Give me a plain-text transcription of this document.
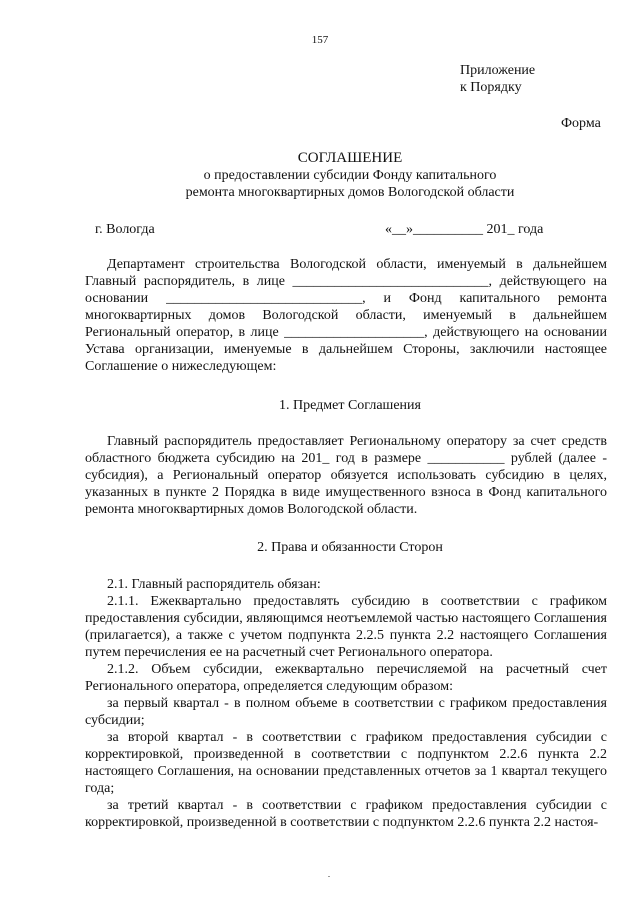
157
Приложение
к Порядку
Форма
СОГЛАШЕНИЕ
о предоставлении субсидии Фонду капитального
ремонта многоквартирных домов Вологодской области
г. Вологда	«__»__________ 201_ года

Департамент строительства Вологодской области, именуемый в дальнейшем Главный распорядитель, в лице ____________________________, действующего на основании ____________________________, и Фонд капитального ремонта многоквартирных домов Вологодской области, именуемый в дальнейшем Региональный оператор, в лице ____________________, действующего на основании Устава организации, именуемые в дальнейшем Стороны, заключили настоящее Соглашение о нижеследующем:

1. Предмет Соглашения

Главный распорядитель предоставляет Региональному оператору за счет средств областного бюджета субсидию на 201_ год в размере ___________ рублей (далее - субсидия), а Региональный оператор обязуется использовать субсидию в целях, указанных в пункте 2 Порядка в виде имущественного взноса в Фонд капитального ремонта многоквартирных домов Вологодской области.

2. Права и обязанности Сторон

2.1. Главный распорядитель обязан:

2.1.1. Ежеквартально предоставлять субсидию в соответствии с графиком предоставления субсидии, являющимся неотъемлемой частью настоящего Соглашения (прилагается), а также с учетом подпункта 2.2.5 пункта 2.2 настоящего Соглашения путем перечисления ее на расчетный счет Регионального оператора.

2.1.2. Объем субсидии, ежеквартально перечисляемой на расчетный счет Регионального оператора, определяется следующим образом:

за первый квартал - в полном объеме в соответствии с графиком предоставления субсидии;

за второй квартал - в соответствии с графиком предоставления субсидии с корректировкой, произведенной в соответствии с подпунктом 2.2.6 пункта 2.2 настоящего Соглашения, на основании представленных отчетов за 1 квартал текущего года;

за третий квартал - в соответствии с графиком предоставления субсидии с корректировкой, произведенной в соответствии с подпунктом 2.2.6 пункта 2.2 настоя-
